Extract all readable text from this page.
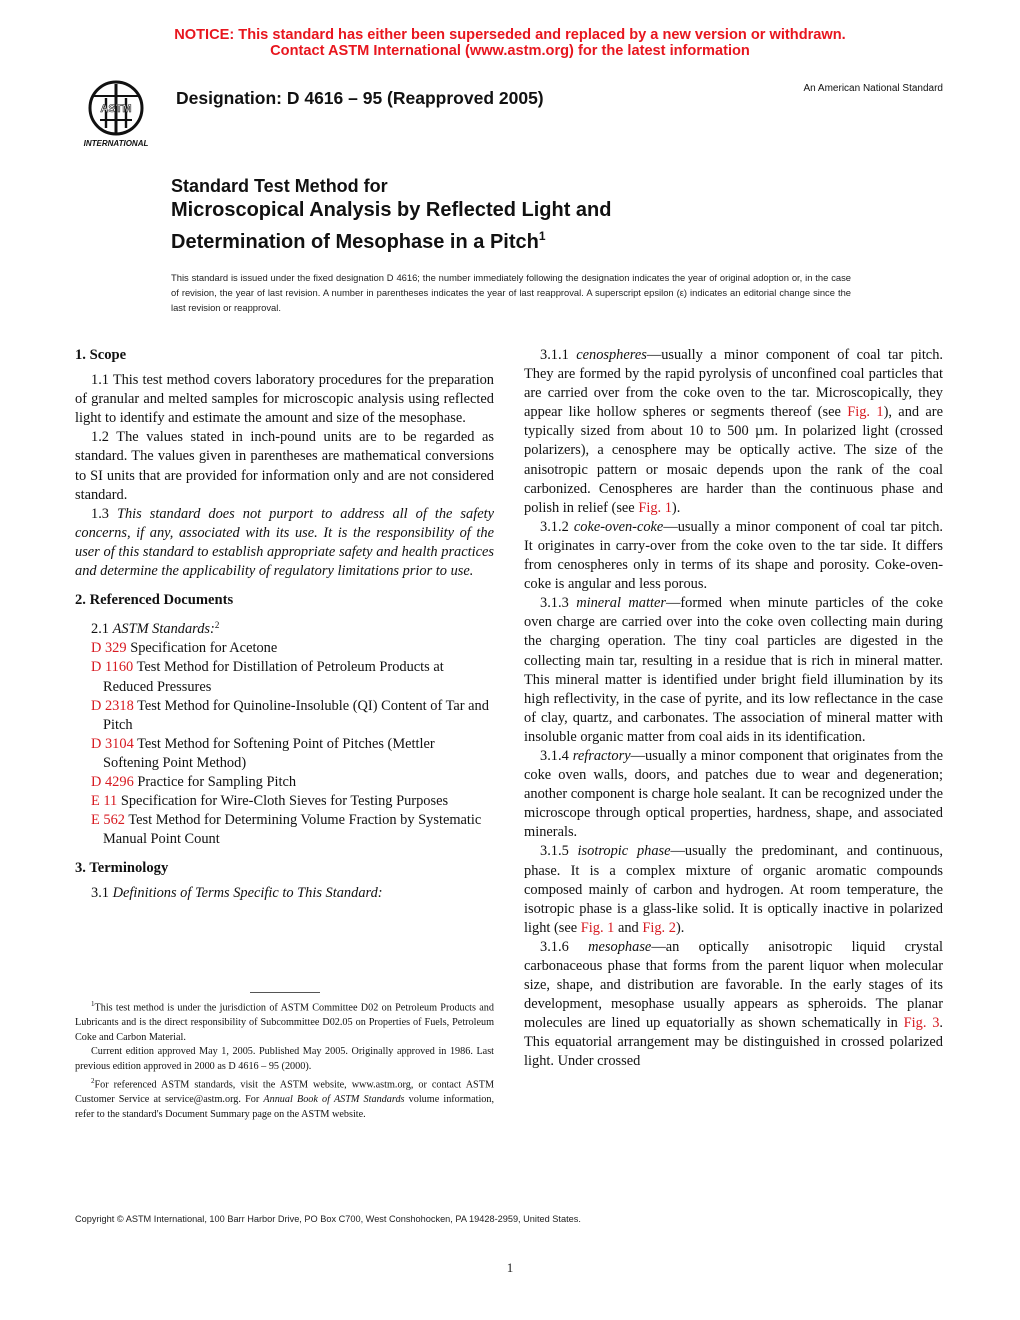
NOTICE: This standard has either been superseded and replaced by a new version or withdrawn.
Contact ASTM International (www.astm.org) for the latest information
ASTM
INTERNATIONAL
Designation: D 4616 – 95 (Reapproved 2005)	An American National Standard
Standard Test Method for
Microscopical Analysis by Reflected Light and
Determination of Mesophase in a Pitch$^1$
This standard is issued under the fixed designation D 4616; the number immediately following the designation indicates the year of original adoption or, in the case of revision, the year of last revision. A number in parentheses indicates the year of last reapproval. A superscript epsilon (ε) indicates an editorial change since the last revision or reapproval.
1. Scope

1.1 This test method covers laboratory procedures for the preparation of granular and melted samples for microscopic analysis using reflected light to identify and estimate the amount and size of the mesophase.

1.2 The values stated in inch-pound units are to be regarded as standard. The values given in parentheses are mathematical conversions to SI units that are provided for information only and are not considered standard.

1.3 This standard does not purport to address all of the safety concerns, if any, associated with its use. It is the responsibility of the user of this standard to establish appropriate safety and health practices and determine the applicability of regulatory limitations prior to use.

2. Referenced Documents

2.1 ASTM Standards:$^2$

D 329 Specification for Acetone

D 1160 Test Method for Distillation of Petroleum Products at Reduced Pressures

D 2318 Test Method for Quinoline-Insoluble (QI) Content of Tar and Pitch

D 3104 Test Method for Softening Point of Pitches (Mettler Softening Point Method)

D 4296 Practice for Sampling Pitch

E 11 Specification for Wire-Cloth Sieves for Testing Purposes

E 562 Test Method for Determining Volume Fraction by Systematic Manual Point Count

3. Terminology

3.1 Definitions of Terms Specific to This Standard:

$^1$This test method is under the jurisdiction of ASTM Committee D02 on Petroleum Products and Lubricants and is the direct responsibility of Subcommittee D02.05 on Properties of Fuels, Petroleum Coke and Carbon Material.

Current edition approved May 1, 2005. Published May 2005. Originally approved in 1986. Last previous edition approved in 2000 as D 4616 – 95 (2000).

$^2$For referenced ASTM standards, visit the ASTM website, www.astm.org, or contact ASTM Customer Service at service@astm.org. For Annual Book of ASTM Standards volume information, refer to the standard's Document Summary page on the ASTM website.

3.1.1 cenospheres—usually a minor component of coal tar pitch. They are formed by the rapid pyrolysis of unconfined coal particles that are carried over from the coke oven to the tar. Microscopically, they appear like hollow spheres or segments thereof (see Fig. 1), and are typically sized from about 10 to 500 µm. In polarized light (crossed polarizers), a cenosphere may be optically active. The size of the anisotropic pattern or mosaic depends upon the rank of the coal carbonized. Cenospheres are harder than the continuous phase and polish in relief (see Fig. 1).

3.1.2 coke-oven-coke—usually a minor component of coal tar pitch. It originates in carry-over from the coke oven to the tar side. It differs from cenospheres only in terms of its shape and porosity. Coke-oven-coke is angular and less porous.

3.1.3 mineral matter—formed when minute particles of the coke oven charge are carried over into the coke oven collecting main during the charging operation. The tiny coal particles are digested in the collecting main tar, resulting in a residue that is rich in mineral matter. This mineral matter is identified under bright field illumination by its high reflectivity, in the case of pyrite, and its low reflectance in the case of clay, quartz, and carbonates. The association of mineral matter with insoluble organic matter from coal aids in its identification.

3.1.4 refractory—usually a minor component that originates from the coke oven walls, doors, and patches due to wear and degeneration; another component is charge hole sealant. It can be recognized under the microscope through optical properties, hardness, shape, and associated minerals.

3.1.5 isotropic phase—usually the predominant, and continuous, phase. It is a complex mixture of organic aromatic compounds composed mainly of carbon and hydrogen. At room temperature, the isotropic phase is a glass-like solid. It is optically inactive in polarized light (see Fig. 1 and Fig. 2).

3.1.6 mesophase—an optically anisotropic liquid crystal carbonaceous phase that forms from the parent liquor when molecular size, shape, and distribution are favorable. In the early stages of its development, mesophase usually appears as spheroids. The planar molecules are lined up equatorially as shown schematically in Fig. 3. This equatorial arrangement may be distinguished in crossed polarized light. Under crossed

Copyright © ASTM International, 100 Barr Harbor Drive, PO Box C700, West Conshohocken, PA 19428-2959, United States.
1
